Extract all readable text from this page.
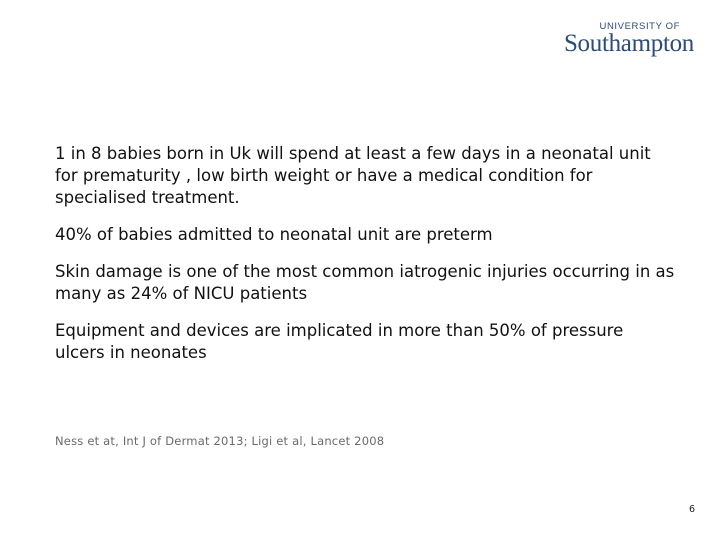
UNIVERSITY OF
Southampton

1 in 8 babies born in Uk will spend at least a few days in a neonatal unit for prematurity , low birth weight or have a medical condition for specialised treatment.

40% of babies admitted to neonatal unit are preterm

Skin damage is one of the most common iatrogenic injuries occurring in as many as 24% of NICU patients

Equipment and devices are implicated in more than 50% of pressure ulcers in neonates

Ness et at, Int J of Dermat 2013; Ligi et al, Lancet 2008
6
